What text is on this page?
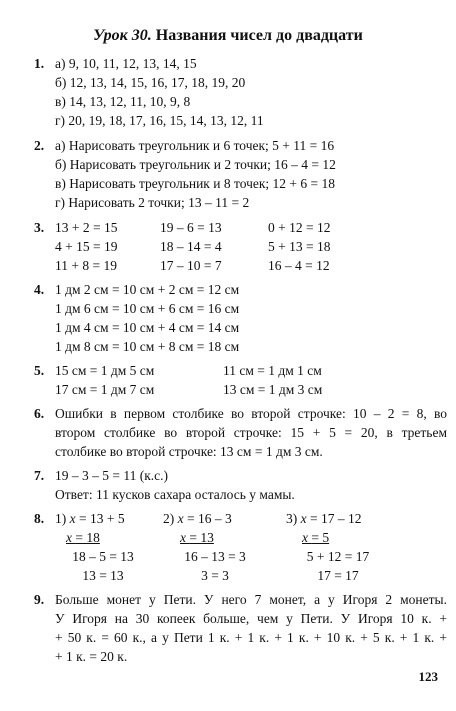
Урок 30. Названия чисел до двадцати
1. а) 9, 10, 11, 12, 13, 14, 15
б) 12, 13, 14, 15, 16, 17, 18, 19, 20
в) 14, 13, 12, 11, 10, 9, 8
г) 20, 19, 18, 17, 16, 15, 14, 13, 12, 11
2. а) Нарисовать треугольник и 6 точек; 5 + 11 = 16
б) Нарисовать треугольник и 2 точки; 16 – 4 = 12
в) Нарисовать треугольник и 8 точек; 12 + 6 = 18
г) Нарисовать 2 точки; 13 – 11 = 2
3. 13 + 2 = 15
4 + 15 = 19
11 + 8 = 19
19 – 6 = 13
18 – 14 = 4
17 – 10 = 7
0 + 12 = 12
5 + 13 = 18
16 – 4 = 12
4. 1 дм 2 см = 10 см + 2 см = 12 см
1 дм 6 см = 10 см + 6 см = 16 см
1 дм 4 см = 10 см + 4 см = 14 см
1 дм 8 см = 10 см + 8 см = 18 см
5. 15 см = 1 дм 5 см
17 см = 1 дм 7 см
11 см = 1 дм 1 см
13 см = 1 дм 3 см
6. Ошибки в первом столбике во второй строчке: 10 – 2 = 8, во
втором столбике во второй строчке: 15 + 5 = 20, в третьем
столбике во второй строчке: 13 см = 1 дм 3 см.
7. 19 – 3 – 5 = 11 (к.с.)
Ответ: 11 кусков сахара осталось у мамы.
8. 1) x = 13 + 5
x = 18
18 – 5 = 13
13 = 13
2) x = 16 – 3
x = 13
16 – 13 = 3
3 = 3
3) x = 17 – 12
x = 5
5 + 12 = 17
17 = 17
9. Больше монет у Пети. У него 7 монет, а у Игоря 2 монеты.
У Игоря на 30 копеек больше, чем у Пети. У Игоря 10 к. +
+ 50 к. = 60 к., а у Пети 1 к. + 1 к. + 1 к. + 10 к. + 5 к. + 1 к. +
+ 1 к. = 20 к.
123
